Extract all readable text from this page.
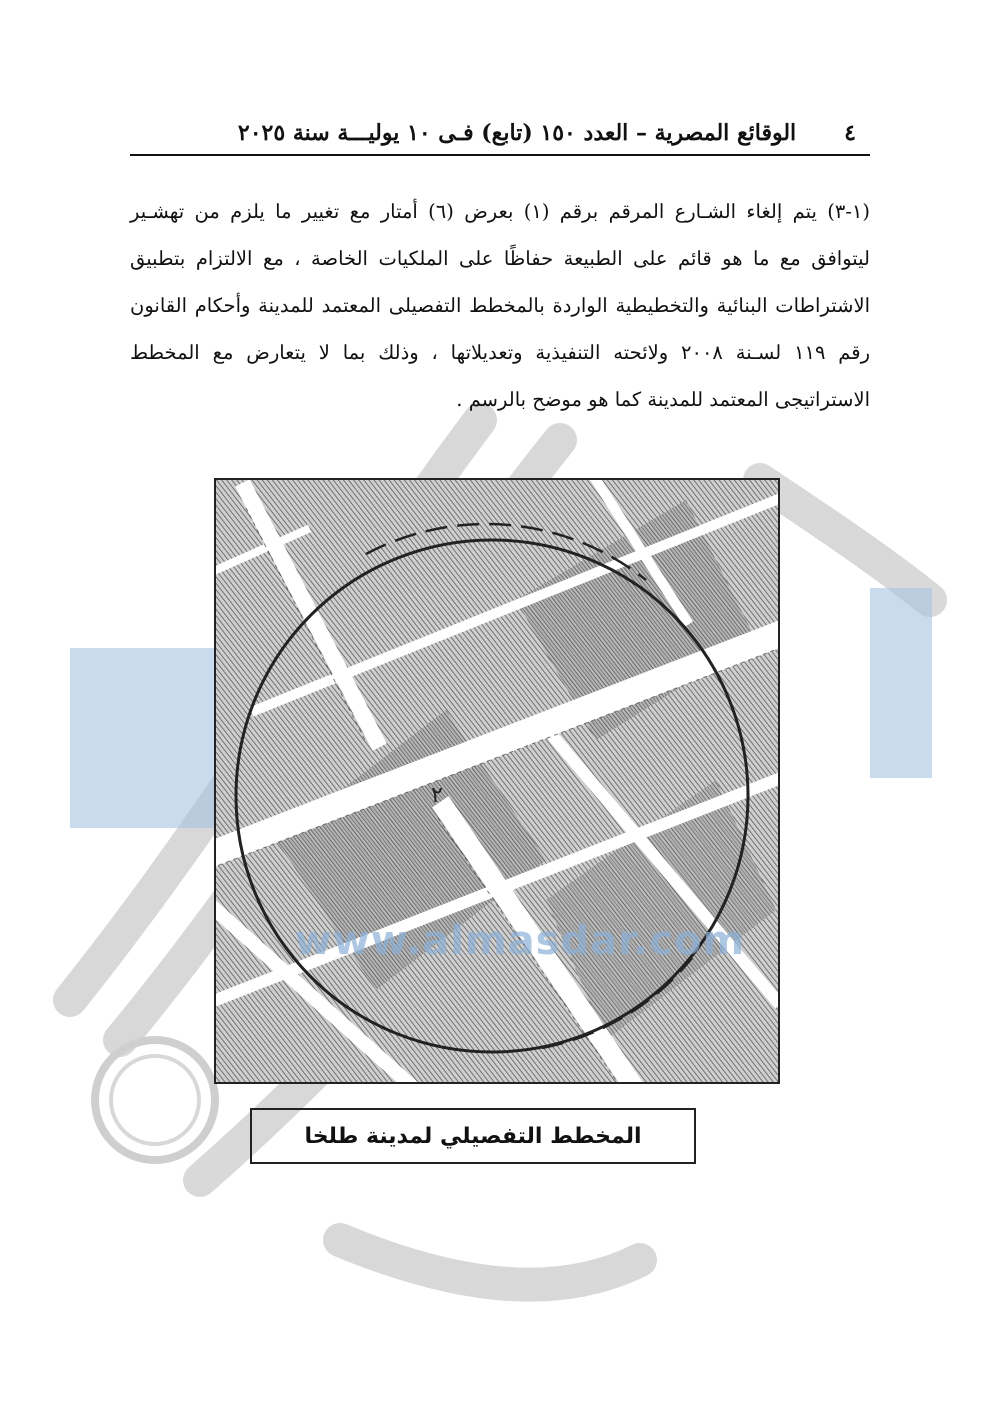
٤
الوقائع المصرية – العدد ١٥٠ (تابع) فـى ١٠ يوليـــة سنة ٢٠٢٥

(١-٣) يتم إلغاء الشـارع المرقم برقم (١) بعرض (٦) أمتار مع تغيير ما يلزم من تهشـير ليتوافق مع ما هو قائم على الطبيعة حفاظًا على الملكيات الخاصة ، مع الالتزام بتطبيق الاشتراطات البنائية والتخطيطية الواردة بالمخطط التفصيلى المعتمد للمدينة وأحكام القانون رقم ١١٩ لسـنة ٢٠٠٨ ولائحته التنفيذية وتعديلاتها ، وذلك بما لا يتعارض مع المخطط الاستراتيجى المعتمد للمدينة كما هو موضح بالرسم .

٢
www.almasdar.com
المخطط التفصيلي لمدينة طلخا
